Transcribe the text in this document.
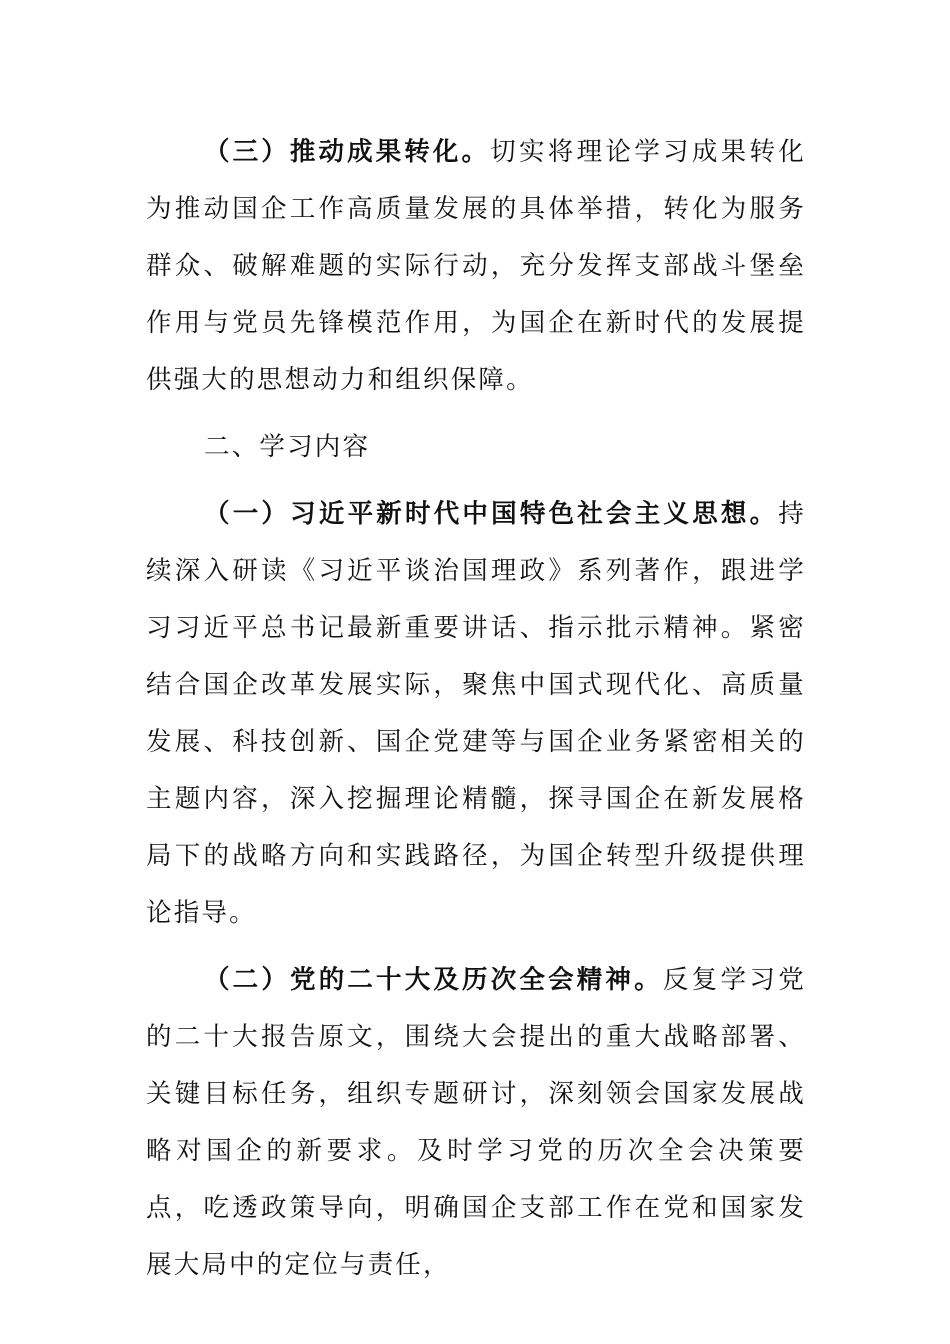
（三）推动成果转化。切实将理论学习成果转化为推动国企工作高质量发展的具体举措，转化为服务群众、破解难题的实际行动，充分发挥支部战斗堡垒作用与党员先锋模范作用，为国企在新时代的发展提供强大的思想动力和组织保障。

二、学习内容

（一）习近平新时代中国特色社会主义思想。持续深入研读《习近平谈治国理政》系列著作，跟进学习习近平总书记最新重要讲话、指示批示精神。紧密结合国企改革发展实际，聚焦中国式现代化、高质量发展、科技创新、国企党建等与国企业务紧密相关的主题内容，深入挖掘理论精髓，探寻国企在新发展格局下的战略方向和实践路径，为国企转型升级提供理论指导。

（二）党的二十大及历次全会精神。反复学习党的二十大报告原文，围绕大会提出的重大战略部署、关键目标任务，组织专题研讨，深刻领会国家发展战略对国企的新要求。及时学习党的历次全会决策要点，吃透政策导向，明确国企支部工作在党和国家发展大局中的定位与责任，
